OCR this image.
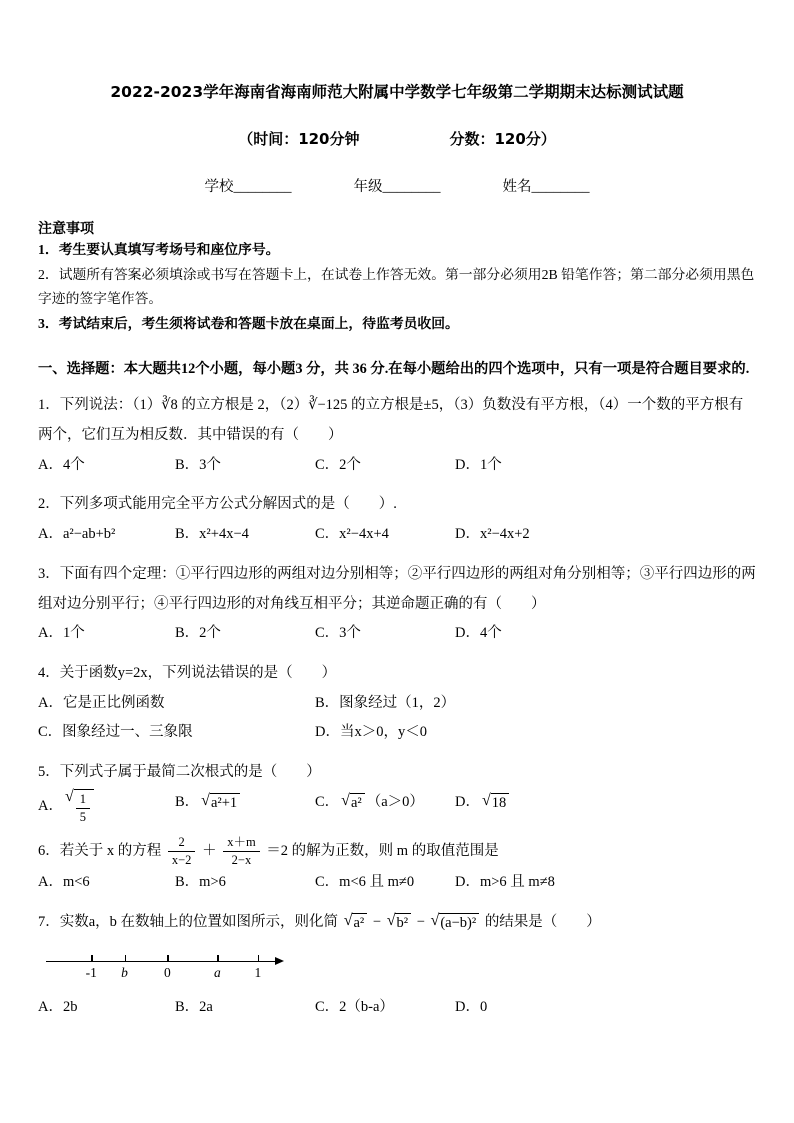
2022-2023学年海南省海南师范大附属中学数学七年级第二学期期末达标测试试题
（时间：120分钟	分数：120分）
学校________	年级________	姓名________
注意事项
1．考生要认真填写考场号和座位序号。
2．试题所有答案必须填涂或书写在答题卡上，在试卷上作答无效。第一部分必须用2B 铅笔作答；第二部分必须用黑色字迹的签字笔作答。
3．考试结束后，考生须将试卷和答题卡放在桌面上，待监考员收回。
一、选择题：本大题共12个小题，每小题3 分，共 36 分.在每小题给出的四个选项中，只有一项是符合题目要求的.
1．下列说法：（1）∛8 的立方根是 2，（2）∛−125 的立方根是±5，（3）负数没有平方根，（4）一个数的平方根有两个，它们互为相反数．其中错误的有（　　）
A．4个	B．3个	C．2个	D．1个
2．下列多项式能用完全平方公式分解因式的是（　　）.
A．a²−ab+b²	B．x²+4x−4	C．x²−4x+4	D．x²−4x+2
3．下面有四个定理：①平行四边形的两组对边分别相等；②平行四边形的两组对角分别相等；③平行四边形的两组对边分别平行；④平行四边形的对角线互相平分；其逆命题正确的有（　　）
A．1个	B．2个	C．3个	D．4个
4．关于函数y=2x，下列说法错误的是（　　）
A．它是正比例函数	B．图象经过（1，2）
C．图象经过一、三象限	D．当x＞0，y＜0
5．下列式子属于最简二次根式的是（　　）
A．
√ $\frac{1}{5}$	B． √ a²+1	C． √ a² （a＞0）	D． √ 18
6．若关于 x 的方程 $\frac{2}{x-2} + \frac{x+m}{2-x} =2$ 的解为正数，则 m 的取值范围是
A．m<6	B．m>6	C．m<6 且 m≠0	D．m>6 且 m≠8
7．实数a，b 在数轴上的位置如图所示，则化简 √ a² − √ b² − √ (a−b)² 的结果是（　　）
-1 b	0	a 1
A．2b	B．2a	C．2（b-a）	D．0
